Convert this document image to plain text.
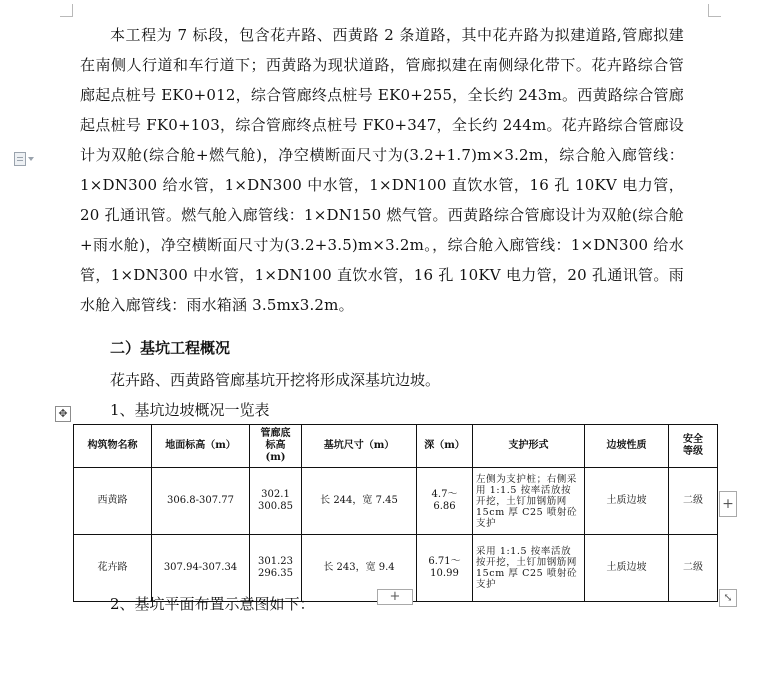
本工程为 7 标段，包含花卉路、西黄路 2 条道路，其中花卉路为拟建道路,管廊拟建在南侧人行道和车行道下；西黄路为现状道路，管廊拟建在南侧绿化带下。花卉路综合管廊起点桩号 EK0+012，综合管廊终点桩号 EK0+255，全长约 243m。西黄路综合管廊起点桩号 FK0+103，综合管廊终点桩号 FK0+347，全长约 244m。花卉路综合管廊设计为双舱(综合舱+燃气舱)，净空横断面尺寸为(3.2+1.7)m×3.2m，综合舱入廊管线：1×DN300 给水管，1×DN300 中水管，1×DN100 直饮水管，16 孔 10KV 电力管，20 孔通讯管。燃气舱入廊管线：1×DN150 燃气管。西黄路综合管廊设计为双舱(综合舱+雨水舱)，净空横断面尺寸为(3.2+3.5)m×3.2m。，综合舱入廊管线：1×DN300 给水管，1×DN300 中水管，1×DN100 直饮水管，16 孔 10KV 电力管，20 孔通讯管。雨水舱入廊管线：雨水箱涵 3.5mx3.2m。

二）基坑工程概况

花卉路、西黄路管廊基坑开挖将形成深基坑边坡。

1、基坑边坡概况一览表

✥
构筑物名称	地面标高（m）	管廊底
标高
(m)	基坑尺寸（m）	深（m）	支护形式	边坡性质	安全
等级
西黄路	306.8-307.77	302.1
300.85	长 244，宽 7.45	4.7～
6.86	左侧为支护桩；右侧采用 1:1.5 按率活放按开挖，土钉加钢筋网 15cm 厚 C25 喷射砼支护	土质边坡	二级
花卉路	307.94-307.34	301.23
296.35	长 243，宽 9.4	6.71～
10.99	采用 1:1.5 按率活放按开挖，土钉加钢筋网 15cm 厚 C25 喷射砼支护	土质边坡	二级
+
+	⤡

2、基坑平面布置示意图如下：
